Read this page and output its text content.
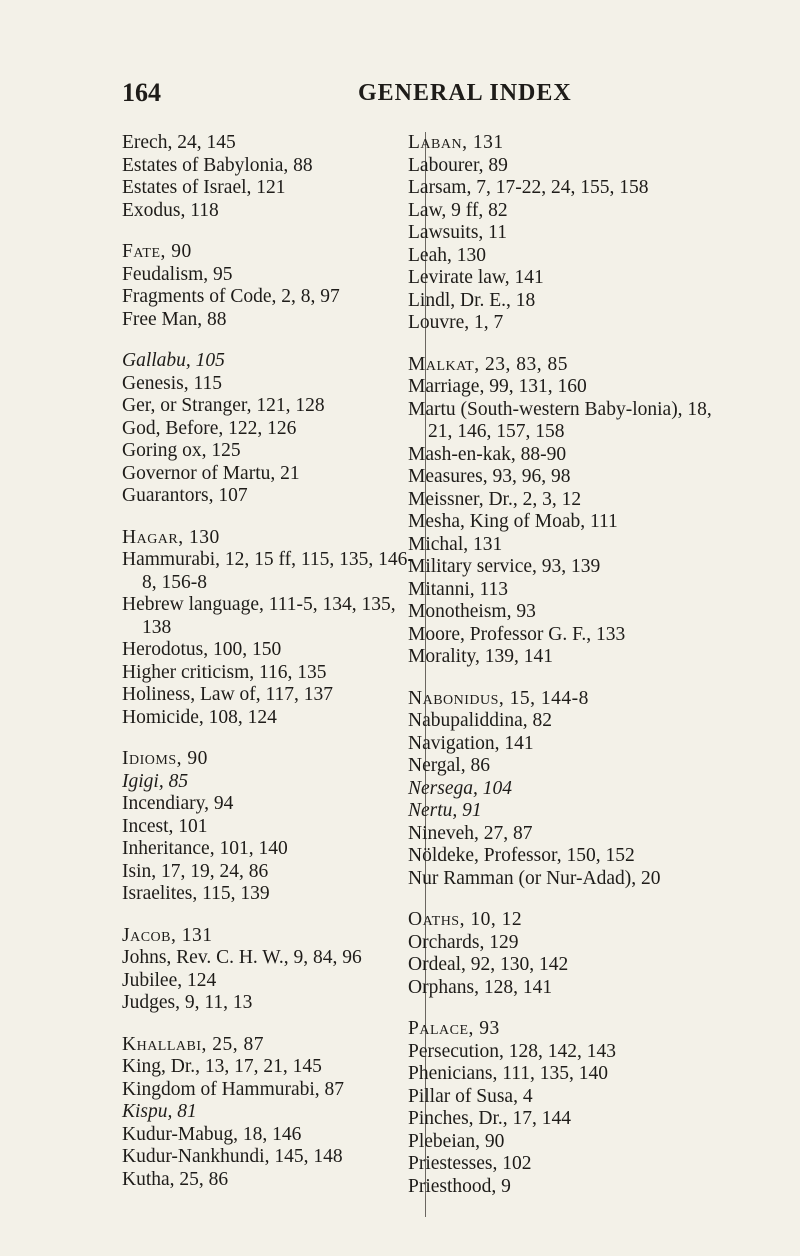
164	GENERAL INDEX
Erech, 24, 145
Estates of Babylonia, 88
Estates of Israel, 121
Exodus, 118
Fate, 90
Feudalism, 95
Fragments of Code, 2, 8, 97
Free Man, 88
Gallabu, 105
Genesis, 115
Ger, or Stranger, 121, 128
God, Before, 122, 126
Goring ox, 125
Governor of Martu, 21
Guarantors, 107
Hagar, 130
Hammurabi, 12, 15 ff, 115, 135, 146-8, 156-8
Hebrew language, 111-5, 134, 135, 138
Herodotus, 100, 150
Higher criticism, 116, 135
Holiness, Law of, 117, 137
Homicide, 108, 124
Idioms, 90
Igigi, 85
Incendiary, 94
Incest, 101
Inheritance, 101, 140
Isin, 17, 19, 24, 86
Israelites, 115, 139
Jacob, 131
Johns, Rev. C. H. W., 9, 84, 96
Jubilee, 124
Judges, 9, 11, 13
Khallabi, 25, 87
King, Dr., 13, 17, 21, 145
Kingdom of Hammurabi, 87
Kispu, 81
Kudur-Mabug, 18, 146
Kudur-Nankhundi, 145, 148
Kutha, 25, 86
Laban, 131
Labourer, 89
Larsam, 7, 17-22, 24, 155, 158
Law, 9 ff, 82
Lawsuits, 11
Leah, 130
Levirate law, 141
Lindl, Dr. E., 18
Louvre, 1, 7
Malkat, 23, 83, 85
Marriage, 99, 131, 160
Martu (South-western Baby-lonia), 18, 21, 146, 157, 158
Mash-en-kak, 88-90
Measures, 93, 96, 98
Meissner, Dr., 2, 3, 12
Mesha, King of Moab, 111
Michal, 131
Military service, 93, 139
Mitanni, 113
Monotheism, 93
Moore, Professor G. F., 133
Morality, 139, 141
Nabonidus, 15, 144-8
Nabupaliddina, 82
Navigation, 141
Nergal, 86
Nersega, 104
Nertu, 91
Nineveh, 27, 87
Nöldeke, Professor, 150, 152
Nur Ramman (or Nur-Adad), 20
Oaths, 10, 12
Orchards, 129
Ordeal, 92, 130, 142
Orphans, 128, 141
Palace, 93
Persecution, 128, 142, 143
Phenicians, 111, 135, 140
Pillar of Susa, 4
Pinches, Dr., 17, 144
Plebeian, 90
Priestesses, 102
Priesthood, 9
